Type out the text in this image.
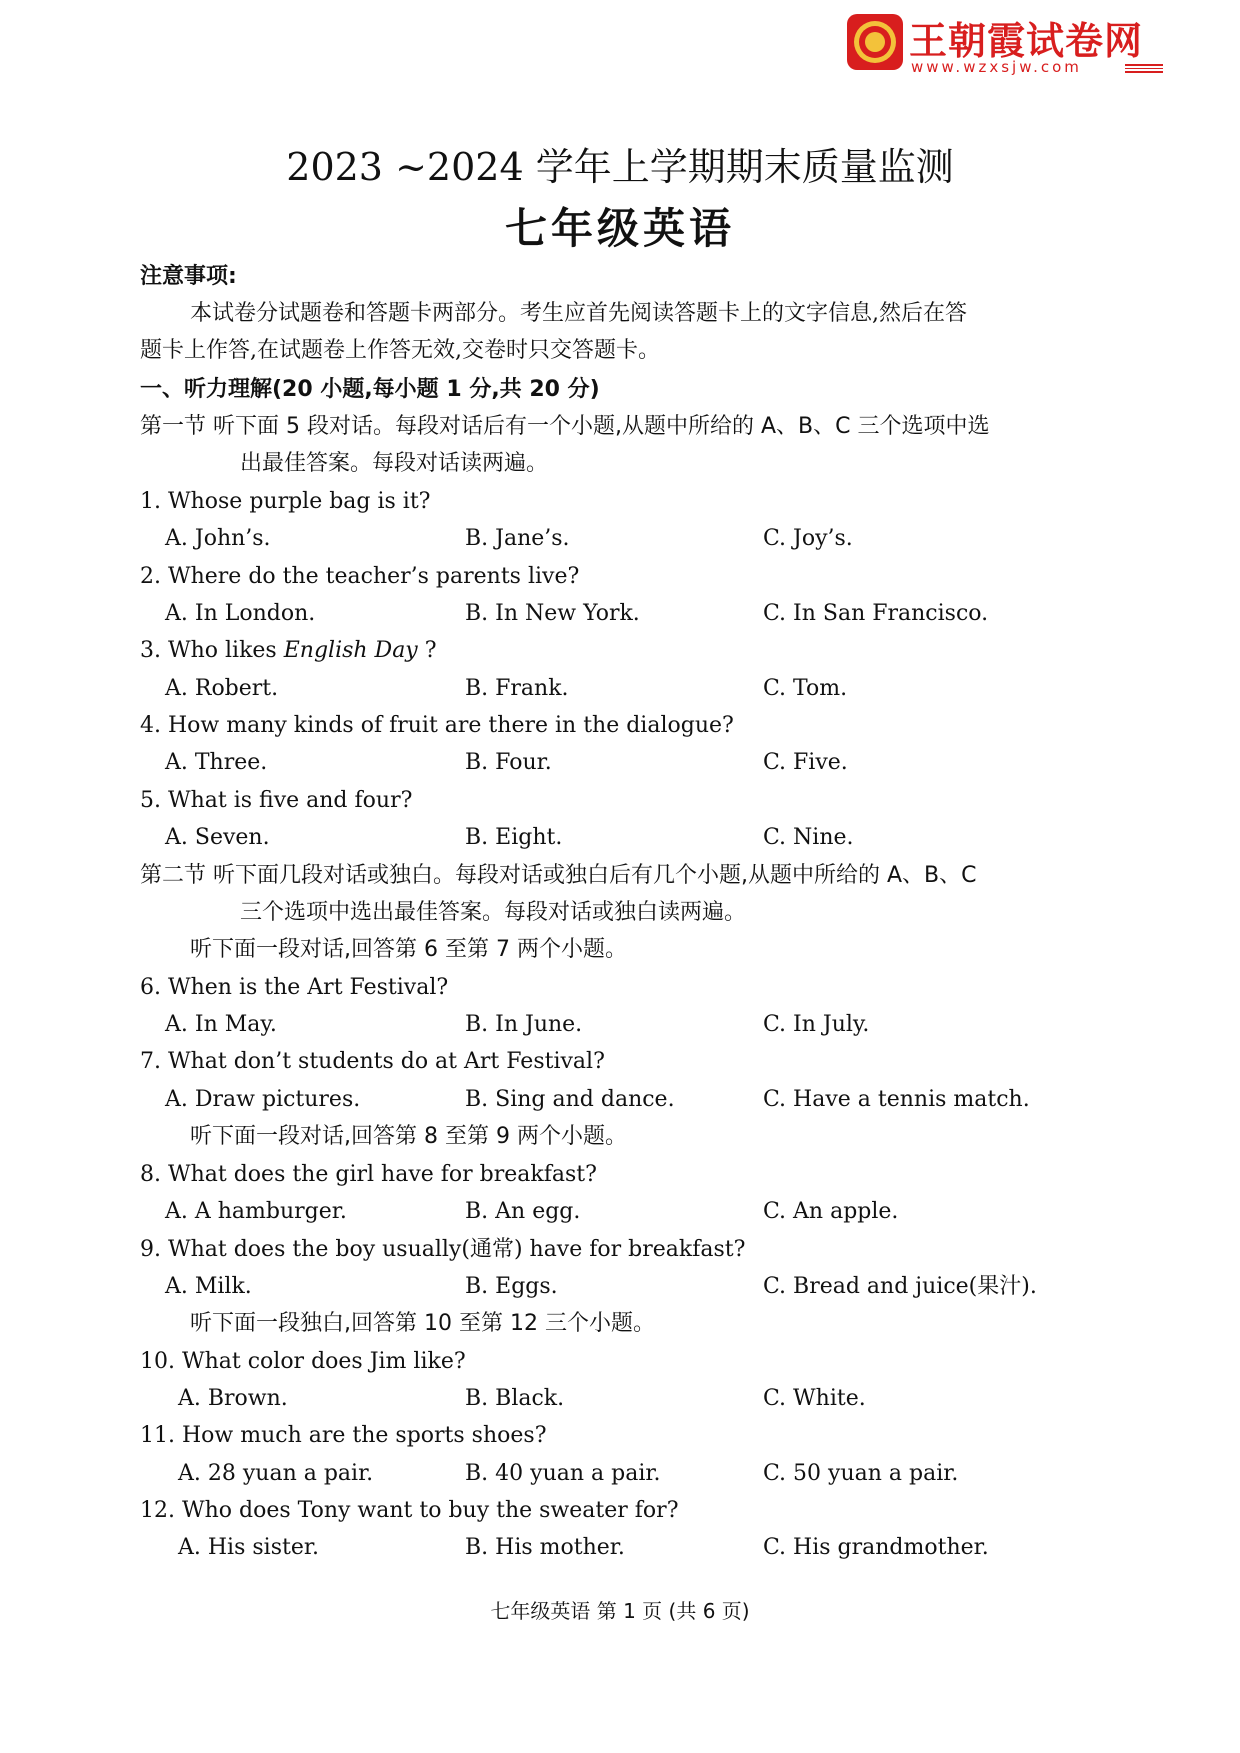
王朝霞试卷网
www.wzxsjw.com
2023 ~2024 学年上学期期末质量监测
七年级英语
注意事项:
本试卷分试题卷和答题卡两部分。考生应首先阅读答题卡上的文字信息,然后在答
题卡上作答,在试题卷上作答无效,交卷时只交答题卡。
一、听力理解(20 小题,每小题 1 分,共 20 分)
第一节 听下面 5 段对话。每段对话后有一个小题,从题中所给的 A、B、C 三个选项中选
出最佳答案。每段对话读两遍。
1. Whose purple bag is it?
A. John’s.	B. Jane’s.	C. Joy’s.
2. Where do the teacher’s parents live?
A. In London.	B. In New York.	C. In San Francisco.
3. Who likes English Day ?
A. Robert.	B. Frank.	C. Tom.
4. How many kinds of fruit are there in the dialogue?
A. Three.	B. Four.	C. Five.
5. What is five and four?
A. Seven.	B. Eight.	C. Nine.
第二节 听下面几段对话或独白。每段对话或独白后有几个小题,从题中所给的 A、B、C
三个选项中选出最佳答案。每段对话或独白读两遍。
听下面一段对话,回答第 6 至第 7 两个小题。
6. When is the Art Festival?
A. In May.	B. In June.	C. In July.
7. What don’t students do at Art Festival?
A. Draw pictures.	B. Sing and dance.	C. Have a tennis match.
听下面一段对话,回答第 8 至第 9 两个小题。
8. What does the girl have for breakfast?
A. A hamburger.	B. An egg.	C. An apple.
9. What does the boy usually(通常) have for breakfast?
A. Milk.	B. Eggs.	C. Bread and juice(果汁).
听下面一段独白,回答第 10 至第 12 三个小题。
10. What color does Jim like?
A. Brown.	B. Black.	C. White.
11. How much are the sports shoes?
A. 28 yuan a pair.	B. 40 yuan a pair.	C. 50 yuan a pair.
12. Who does Tony want to buy the sweater for?
A. His sister.	B. His mother.	C. His grandmother.
七年级英语 第 1 页 (共 6 页)
